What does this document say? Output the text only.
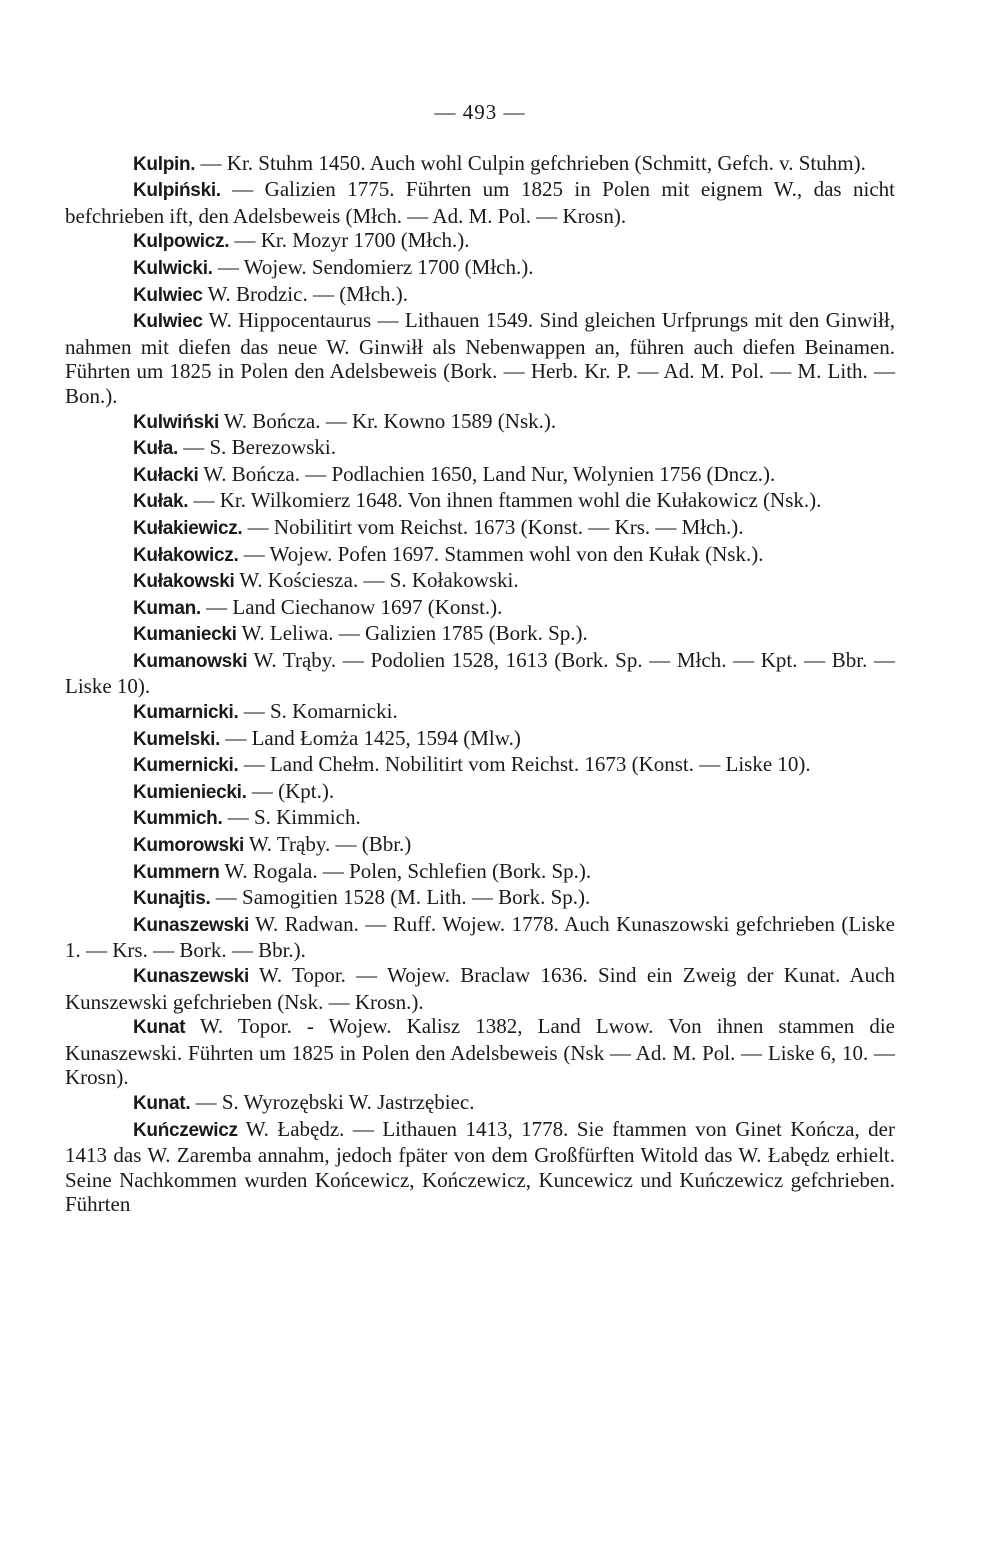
— 493 —

Kulpin. — Kr. Stuhm 1450. Auch wohl Culpin gefchrieben (Schmitt, Gefch. v. Stuhm).

Kulpiński. — Galizien 1775. Führten um 1825 in Polen mit eignem W., das nicht befchrieben ift, den Adelsbeweis (Młch. — Ad. M. Pol. — Krosn).

Kulpowicz. — Kr. Mozyr 1700 (Młch.).

Kulwicki. — Wojew. Sendomierz 1700 (Młch.).

Kulwiec W. Brodzic. — (Młch.).

Kulwiec W. Hippocentaurus — Lithauen 1549. Sind gleichen Urfprungs mit den Ginwiłł, nahmen mit diefen das neue W. Ginwiłł als Nebenwappen an, führen auch diefen Beinamen. Führten um 1825 in Polen den Adelsbeweis (Bork. — Herb. Kr. P. — Ad. M. Pol. — M. Lith. — Bon.).

Kulwiński W. Bończa. — Kr. Kowno 1589 (Nsk.).

Kuła. — S. Berezowski.

Kułacki W. Bończa. — Podlachien 1650, Land Nur, Wolynien 1756 (Dncz.).

Kułak. — Kr. Wilkomierz 1648. Von ihnen ftammen wohl die Kułakowicz (Nsk.).

Kułakiewicz. — Nobilitirt vom Reichst. 1673 (Konst. — Krs. — Młch.).

Kułakowicz. — Wojew. Pofen 1697. Stammen wohl von den Kułak (Nsk.).

Kułakowski W. Kościesza. — S. Kołakowski.

Kuman. — Land Ciechanow 1697 (Konst.).

Kumaniecki W. Leliwa. — Galizien 1785 (Bork. Sp.).

Kumanowski W. Trąby. — Podolien 1528, 1613 (Bork. Sp. — Młch. — Kpt. — Bbr. — Liske 10).

Kumarnicki. — S. Komarnicki.

Kumelski. — Land Łomża 1425, 1594 (Mlw.)

Kumernicki. — Land Chełm. Nobilitirt vom Reichst. 1673 (Konst. — Liske 10).

Kumieniecki. — (Kpt.).

Kummich. — S. Kimmich.

Kumorowski W. Trąby. — (Bbr.)

Kummern W. Rogala. — Polen, Schlefien (Bork. Sp.).

Kunajtis. — Samogitien 1528 (M. Lith. — Bork. Sp.).

Kunaszewski W. Radwan. — Ruff. Wojew. 1778. Auch Kunaszowski gefchrieben (Liske 1. — Krs. — Bork. — Bbr.).

Kunaszewski W. Topor. — Wojew. Braclaw 1636. Sind ein Zweig der Kunat. Auch Kunszewski gefchrieben (Nsk. — Krosn.).

Kunat W. Topor. - Wojew. Kalisz 1382, Land Lwow. Von ihnen stammen die Kunaszewski. Führten um 1825 in Polen den Adelsbeweis (Nsk — Ad. M. Pol. — Liske 6, 10. — Krosn).

Kunat. — S. Wyrozębski W. Jastrzębiec.

Kuńczewicz W. Łabędz. — Lithauen 1413, 1778. Sie ftammen von Ginet Kończa, der 1413 das W. Zaremba annahm, jedoch fpäter von dem Großfürften Witold das W. Łabędz erhielt. Seine Nachkommen wurden Końcewicz, Kończewicz, Kuncewicz und Kuńczewicz gefchrieben. Führten
